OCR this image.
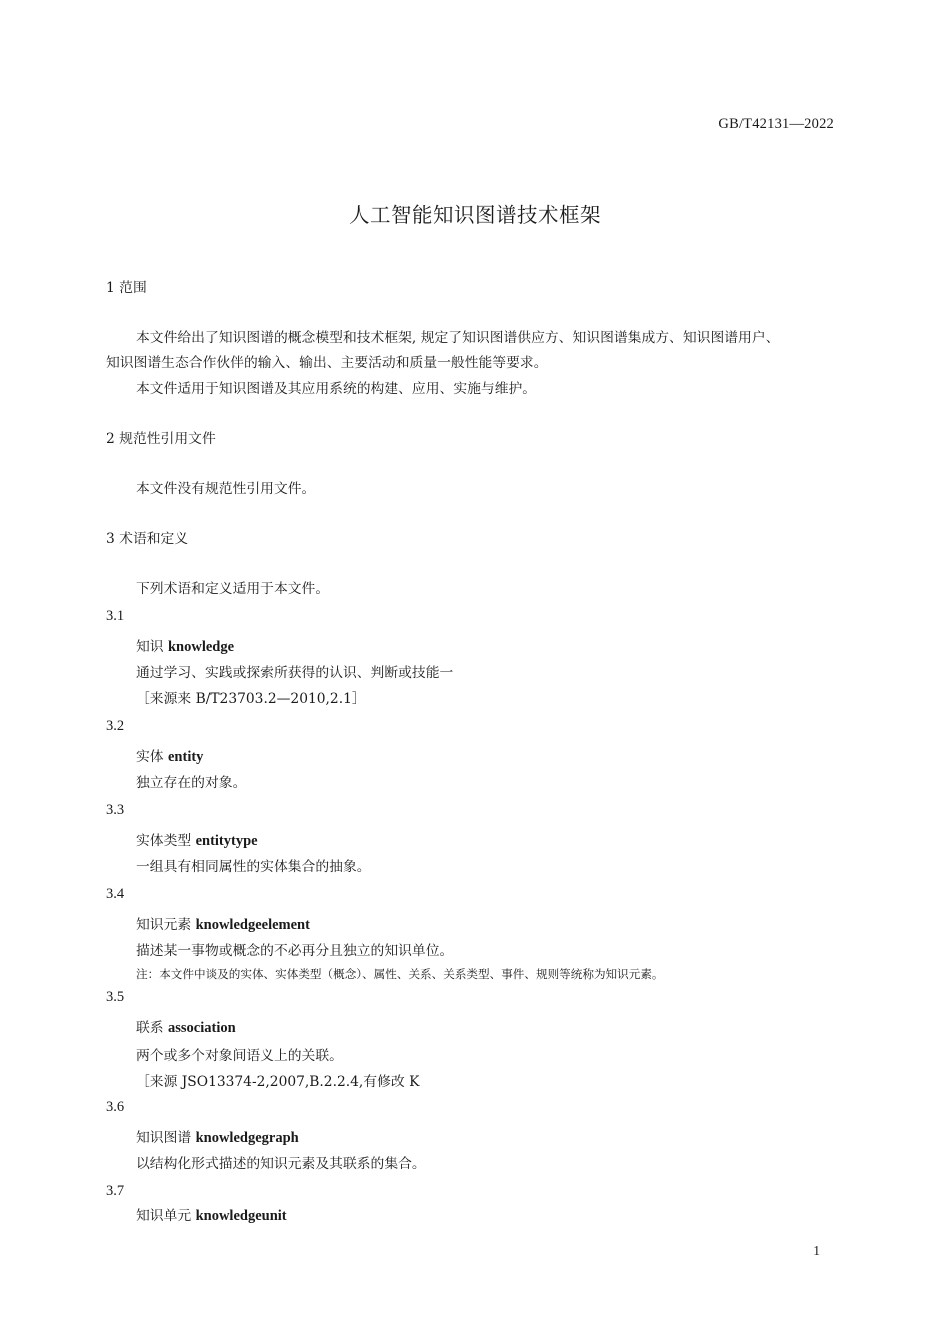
GB/T42131—2022
人工智能知识图谱技术框架
1 范围
本文件给出了知识图谱的概念模型和技术框架, 规定了知识图谱供应方、知识图谱集成方、知识图谱用户、
知识图谱生态合作伙伴的输入、输出、主要活动和质量一般性能等要求。
本文件适用于知识图谱及其应用系统的构建、应用、实施与维护。
2 规范性引用文件
本文件没有规范性引用文件。
3 术语和定义
下列术语和定义适用于本文件。
3.1
知识 knowledge
通过学习、实践或探索所获得的认识、判断或技能一
［来源来 B/T23703.2—2010,2.1］
3.2
实体 entity
独立存在的对象。
3.3
实体类型 entitytype
一组具有相同属性的实体集合的抽象。
3.4
知识元素 knowledgeelement
描述某一事物或概念的不必再分且独立的知识单位。
注：本文件中谈及的实体、实体类型（概念）、属性、关系、关系类型、事件、规则等统称为知识元素。
3.5
联系 association
两个或多个对象间语义上的关联。
［来源 JSO13374-2,2007,B.2.2.4,有修改 K
3.6
知识图谱 knowledgegraph
以结构化形式描述的知识元素及其联系的集合。
3.7
知识单元 knowledgeunit
1
